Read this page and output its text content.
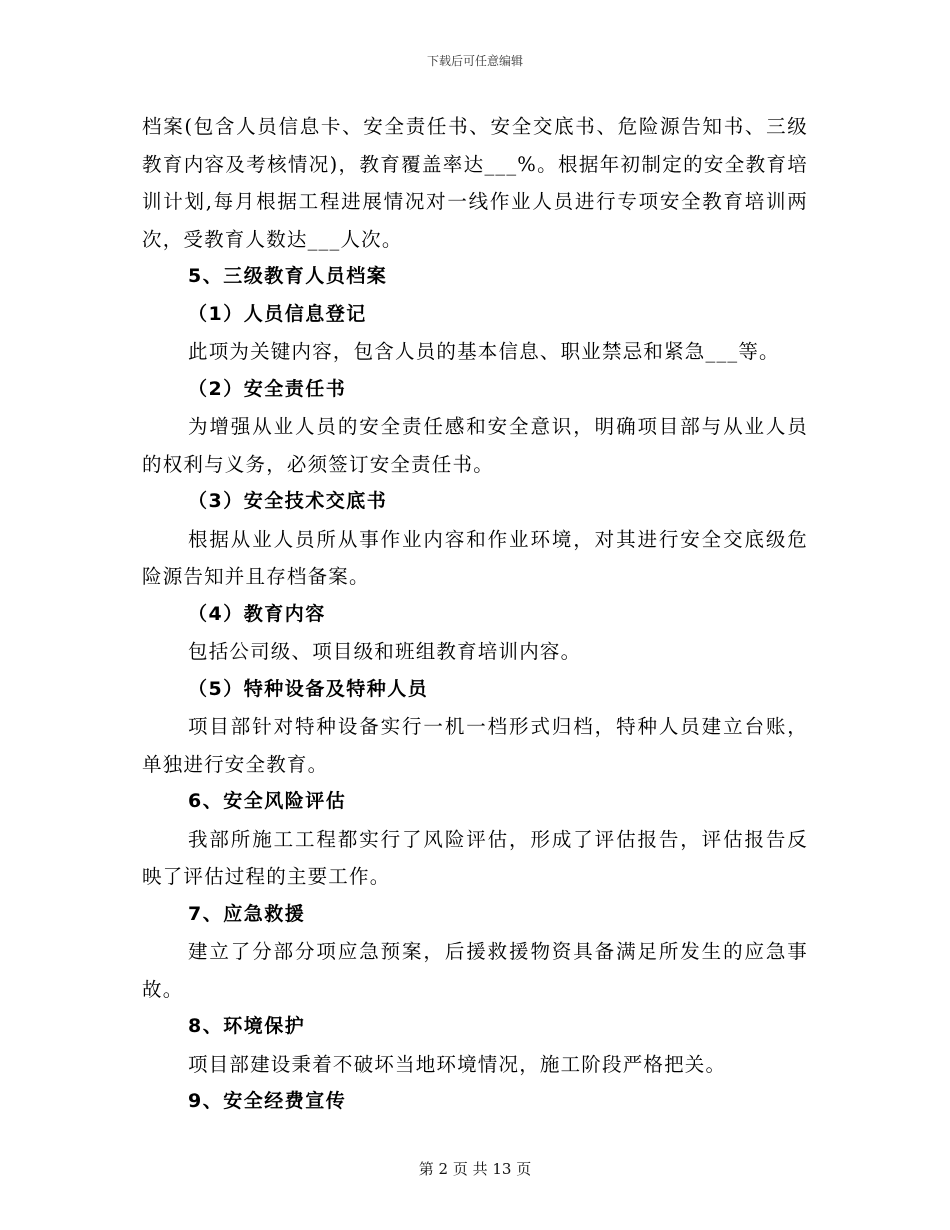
下载后可任意编辑

档案(包含人员信息卡、安全责任书、安全交底书、危险源告知书、三级教育内容及考核情况)，教育覆盖率达___%。根据年初制定的安全教育培训计划,每月根据工程进展情况对一线作业人员进行专项安全教育培训两次，受教育人数达___人次。

5、三级教育人员档案

（1）人员信息登记

此项为关键内容，包含人员的基本信息、职业禁忌和紧急___等。

（2）安全责任书

为增强从业人员的安全责任感和安全意识，明确项目部与从业人员的权利与义务，必须签订安全责任书。

（3）安全技术交底书

根据从业人员所从事作业内容和作业环境，对其进行安全交底级危险源告知并且存档备案。

（4）教育内容

包括公司级、项目级和班组教育培训内容。

（5）特种设备及特种人员

项目部针对特种设备实行一机一档形式归档，特种人员建立台账，单独进行安全教育。

6、安全风险评估

我部所施工工程都实行了风险评估，形成了评估报告，评估报告反映了评估过程的主要工作。

7、应急救援

建立了分部分项应急预案，后援救援物资具备满足所发生的应急事故。

8、环境保护

项目部建设秉着不破坏当地环境情况，施工阶段严格把关。

9、安全经费宣传

第 2 页 共 13 页
